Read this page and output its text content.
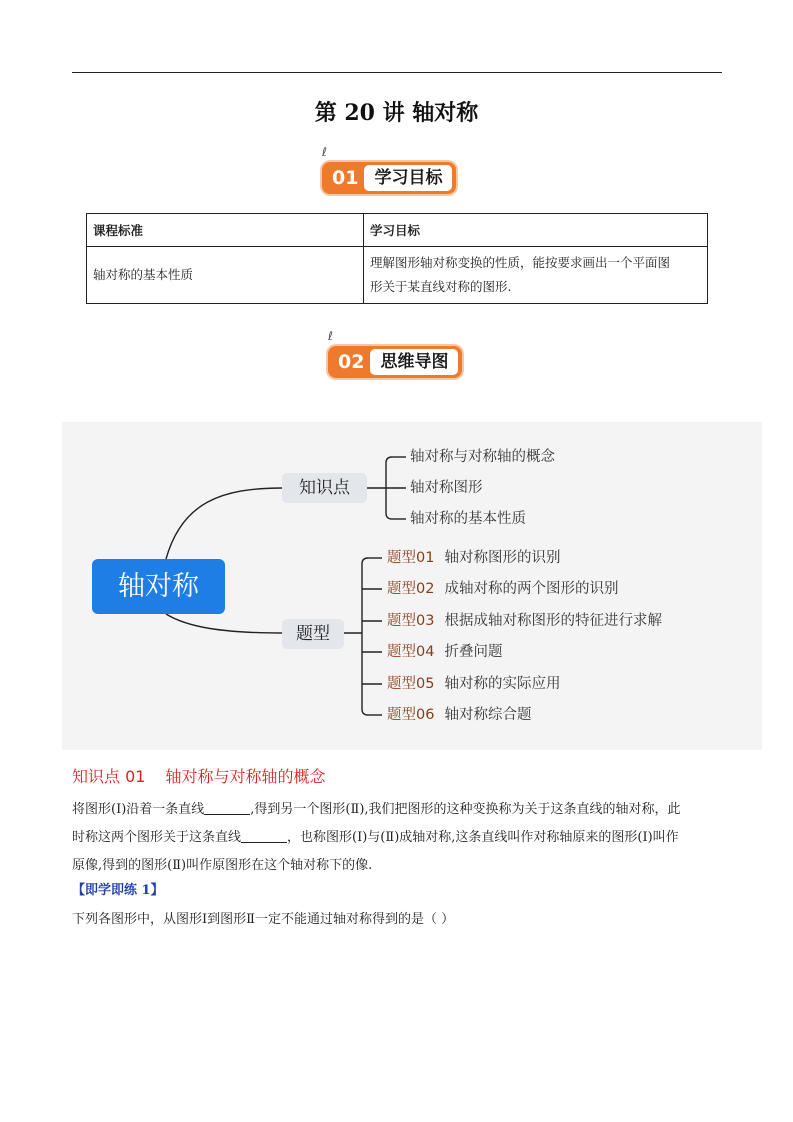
第 20 讲 轴对称
ℓ
01 学习目标
课程标准	学习目标
轴对称的基本性质	理解图形轴对称变换的性质，能按要求画出一个平面图
形关于某直线对称的图形.
ℓ
02 思维导图
轴对称
知识点
题型
轴对称与对称轴的概念
轴对称图形
轴对称的基本性质
题型01 轴对称图形的识别
题型02 成轴对称的两个图形的识别
题型03 根据成轴对称图形的特征进行求解
题型04 折叠问题
题型05 轴对称的实际应用
题型06 轴对称综合题
知识点 01 轴对称与对称轴的概念
将图形(Ⅰ)沿着一条直线	,得到另一个图形(Ⅱ),我们把图形的这种变换称为关于这条直线的轴对称，此
时称这两个图形关于这条直线	，也称图形(Ⅰ)与(Ⅱ)成轴对称,这条直线叫作对称轴原来的图形(Ⅰ)叫作
原像,得到的图形(Ⅱ)叫作原图形在这个轴对称下的像.
【即学即练 1】
下列各图形中，从图形Ⅰ到图形Ⅱ一定不能通过轴对称得到的是（ ）
